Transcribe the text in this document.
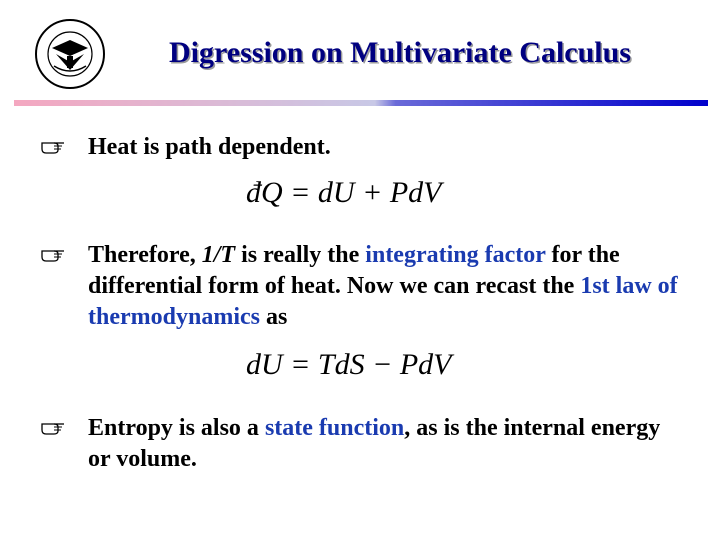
Digression on Multivariate Calculus
Heat is path dependent.
đQ = dU + PdV
Therefore, 1/T is really the integrating factor for the differential form of heat. Now we can recast the 1st law of thermodynamics as
dU = TdS − PdV
Entropy is also a state function, as is the internal energy or volume.
